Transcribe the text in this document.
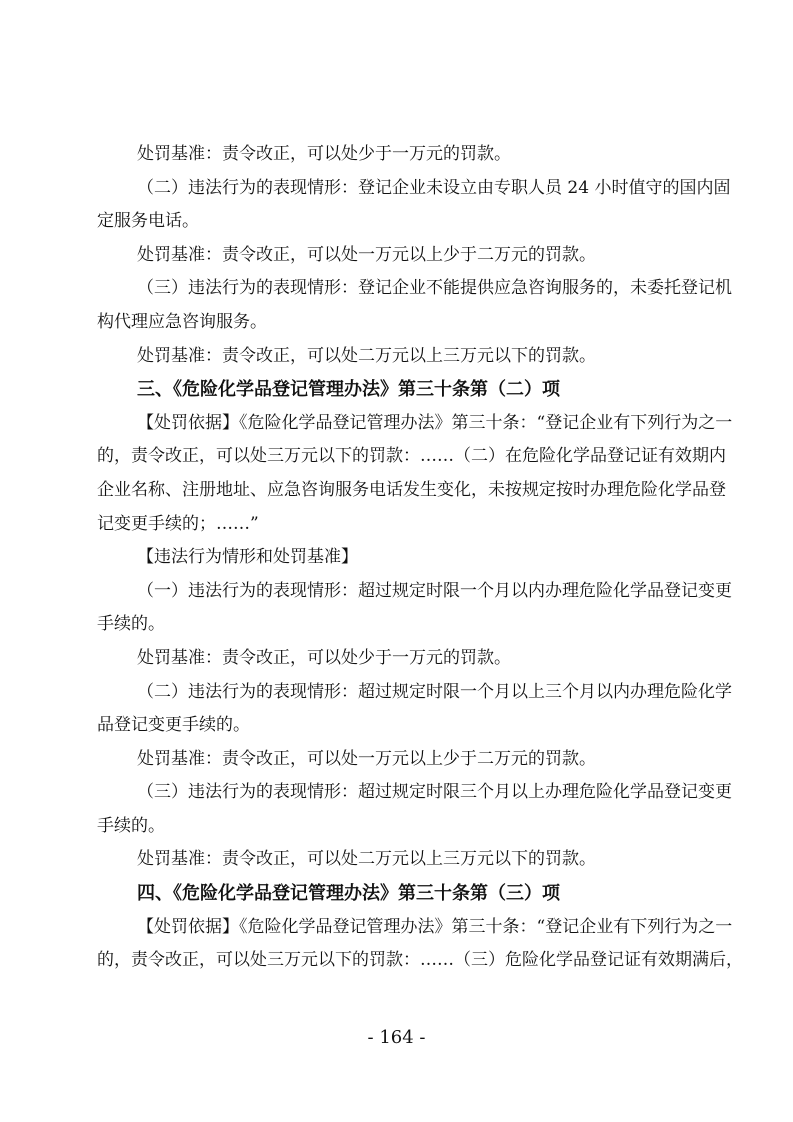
处罚基准：责令改正，可以处少于一万元的罚款。
（二）违法行为的表现情形：登记企业未设立由专职人员 24 小时值守的国内固
定服务电话。
处罚基准：责令改正，可以处一万元以上少于二万元的罚款。
（三）违法行为的表现情形：登记企业不能提供应急咨询服务的，未委托登记机
构代理应急咨询服务。
处罚基准：责令改正，可以处二万元以上三万元以下的罚款。
三、《危险化学品登记管理办法》第三十条第（二）项
【处罚依据】《危险化学品登记管理办法》第三十条：“登记企业有下列行为之一
的，责令改正，可以处三万元以下的罚款：……（二）在危险化学品登记证有效期内
企业名称、注册地址、应急咨询服务电话发生变化，未按规定按时办理危险化学品登
记变更手续的；……”
【违法行为情形和处罚基准】
（一）违法行为的表现情形：超过规定时限一个月以内办理危险化学品登记变更
手续的。
处罚基准：责令改正，可以处少于一万元的罚款。
（二）违法行为的表现情形：超过规定时限一个月以上三个月以内办理危险化学
品登记变更手续的。
处罚基准：责令改正，可以处一万元以上少于二万元的罚款。
（三）违法行为的表现情形：超过规定时限三个月以上办理危险化学品登记变更
手续的。
处罚基准：责令改正，可以处二万元以上三万元以下的罚款。
四、《危险化学品登记管理办法》第三十条第（三）项
【处罚依据】《危险化学品登记管理办法》第三十条：“登记企业有下列行为之一
的，责令改正，可以处三万元以下的罚款：……（三）危险化学品登记证有效期满后，
- 164 -
